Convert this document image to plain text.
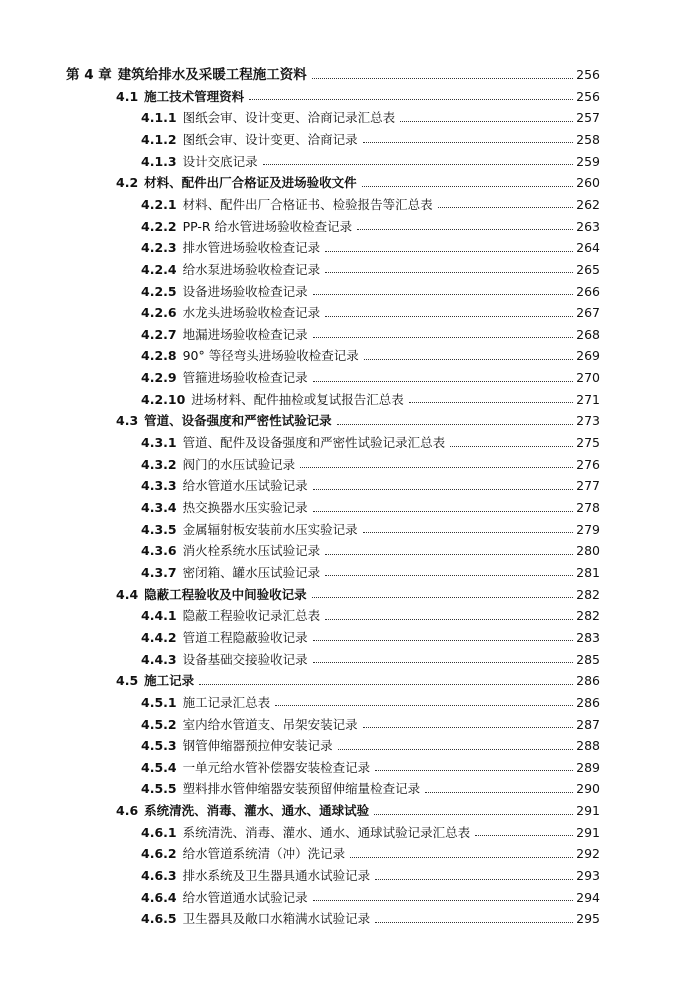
第 4 章 建筑给排水及采暖工程施工资料	256
4.1 施工技术管理资料	256
4.1.1 图纸会审、设计变更、洽商记录汇总表	257
4.1.2 图纸会审、设计变更、洽商记录	258
4.1.3 设计交底记录	259
4.2 材料、配件出厂合格证及进场验收文件	260
4.2.1 材料、配件出厂合格证书、检验报告等汇总表	262
4.2.2 PP-R 给水管进场验收检查记录	263
4.2.3 排水管进场验收检查记录	264
4.2.4 给水泵进场验收检查记录	265
4.2.5 设备进场验收检查记录	266
4.2.6 水龙头进场验收检查记录	267
4.2.7 地漏进场验收检查记录	268
4.2.8 90° 等径弯头进场验收检查记录	269
4.2.9 管箍进场验收检查记录	270
4.2.10 进场材料、配件抽检或复试报告汇总表	271
4.3 管道、设备强度和严密性试验记录	273
4.3.1 管道、配件及设备强度和严密性试验记录汇总表	275
4.3.2 阀门的水压试验记录	276
4.3.3 给水管道水压试验记录	277
4.3.4 热交换器水压实验记录	278
4.3.5 金属辐射板安装前水压实验记录	279
4.3.6 消火栓系统水压试验记录	280
4.3.7 密闭箱、罐水压试验记录	281
4.4 隐蔽工程验收及中间验收记录	282
4.4.1 隐蔽工程验收记录汇总表	282
4.4.2 管道工程隐蔽验收记录	283
4.4.3 设备基础交接验收记录	285
4.5 施工记录	286
4.5.1 施工记录汇总表	286
4.5.2 室内给水管道支、吊架安装记录	287
4.5.3 钢管伸缩器预拉伸安装记录	288
4.5.4 一单元给水管补偿器安装检查记录	289
4.5.5 塑料排水管伸缩器安装预留伸缩量检查记录	290
4.6 系统清洗、消毒、灌水、通水、通球试验	291
4.6.1 系统清洗、消毒、灌水、通水、通球试验记录汇总表	291
4.6.2 给水管道系统清（冲）洗记录	292
4.6.3 排水系统及卫生器具通水试验记录	293
4.6.4 给水管道通水试验记录	294
4.6.5 卫生器具及敞口水箱满水试验记录	295
